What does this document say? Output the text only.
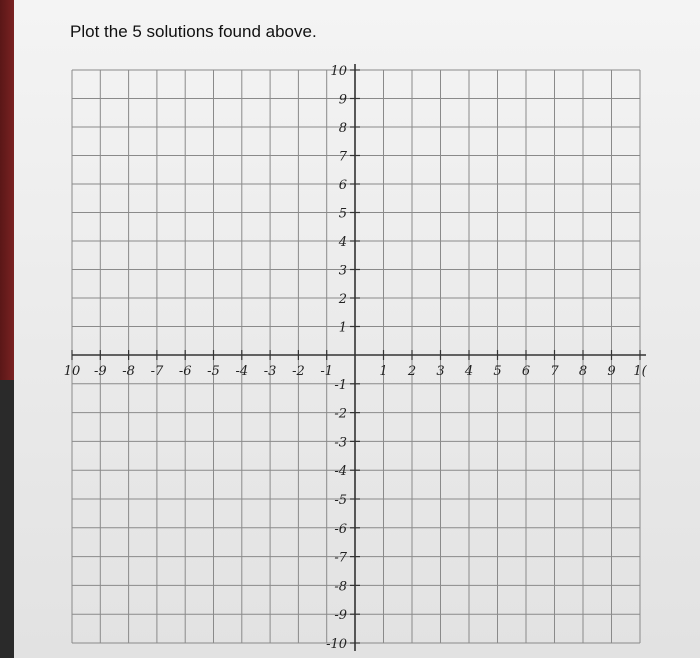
Plot the 5 solutions found above.
10 -9 -8 -7 -6 -5 -4 -3 -2 -1	1 2 3 4 5 6 7 8 9 1(
10
9
8
7
6
5
4
3
2
1
-1
-2
-3
-4
-5
-6
-7
-8
-9
-10
